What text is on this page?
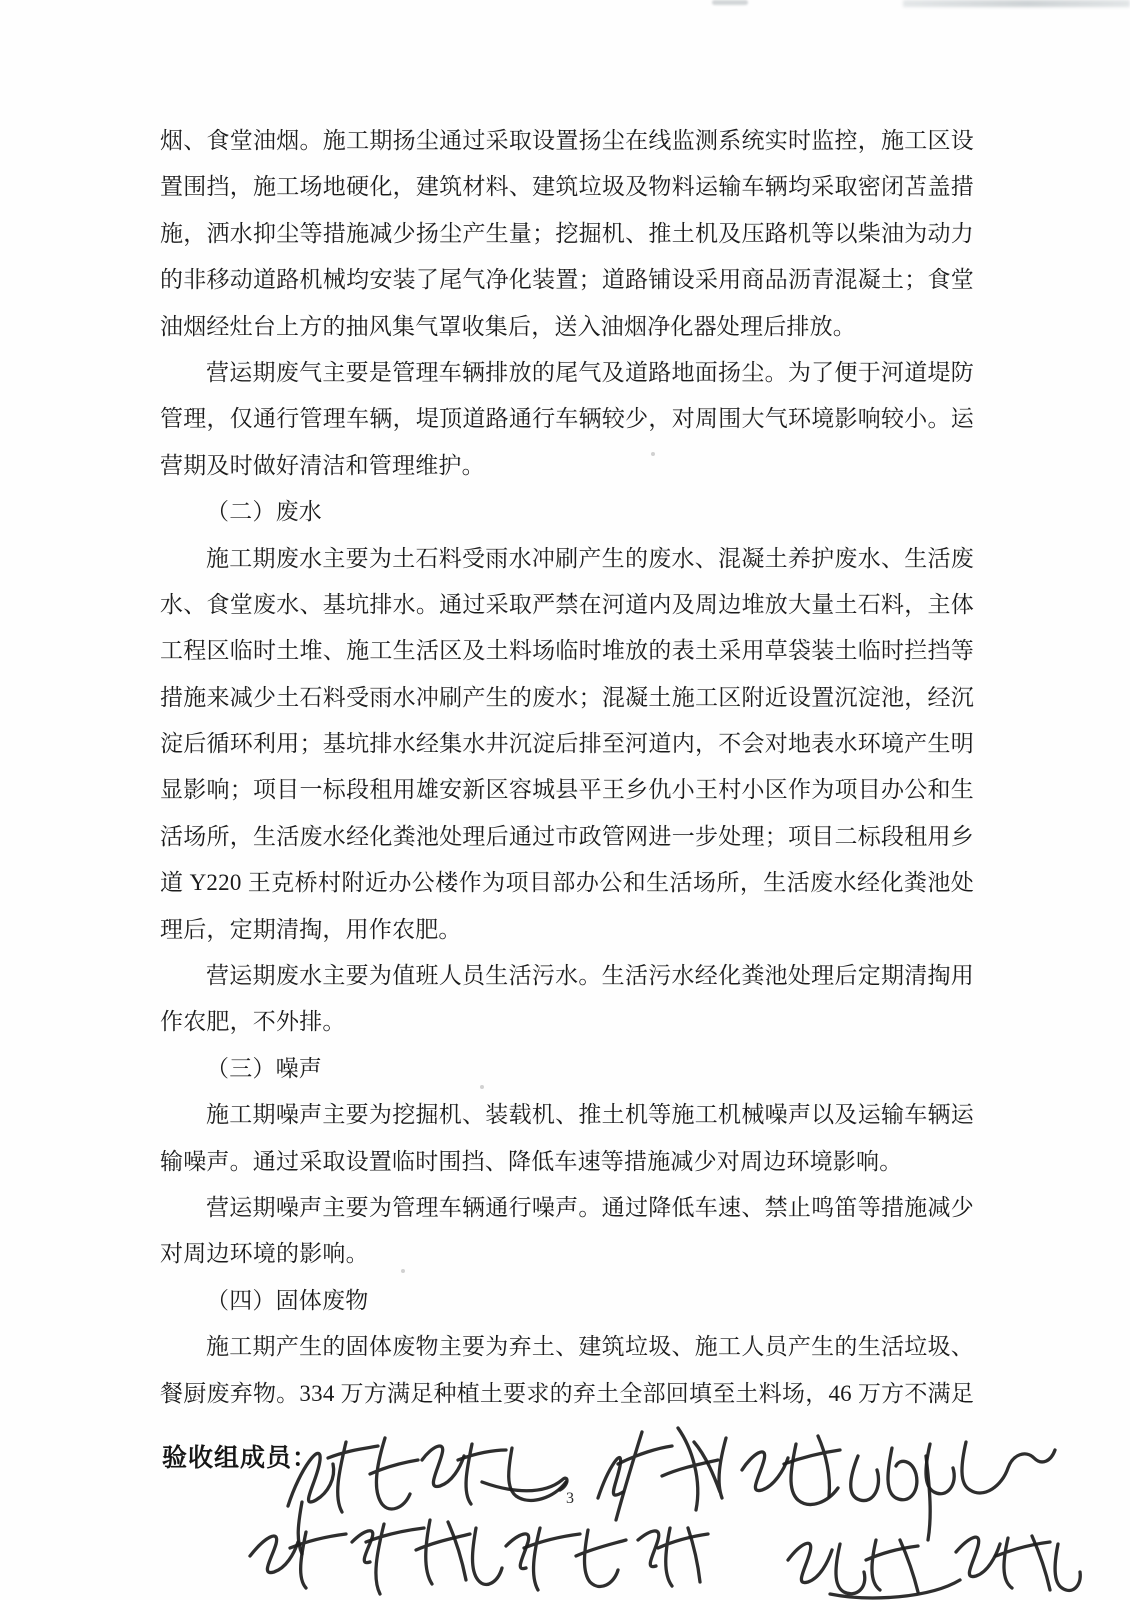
烟、食堂油烟。施工期扬尘通过采取设置扬尘在线监测系统实时监控，施工区设
置围挡，施工场地硬化，建筑材料、建筑垃圾及物料运输车辆均采取密闭苫盖措
施，洒水抑尘等措施减少扬尘产生量；挖掘机、推土机及压路机等以柴油为动力
的非移动道路机械均安装了尾气净化装置；道路铺设采用商品沥青混凝土；食堂
油烟经灶台上方的抽风集气罩收集后，送入油烟净化器处理后排放。
营运期废气主要是管理车辆排放的尾气及道路地面扬尘。为了便于河道堤防
管理，仅通行管理车辆，堤顶道路通行车辆较少，对周围大气环境影响较小。运
营期及时做好清洁和管理维护。
（二）废水
施工期废水主要为土石料受雨水冲刷产生的废水、混凝土养护废水、生活废
水、食堂废水、基坑排水。通过采取严禁在河道内及周边堆放大量土石料，主体
工程区临时土堆、施工生活区及土料场临时堆放的表土采用草袋装土临时拦挡等
措施来减少土石料受雨水冲刷产生的废水；混凝土施工区附近设置沉淀池，经沉
淀后循环利用；基坑排水经集水井沉淀后排至河道内，不会对地表水环境产生明
显影响；项目一标段租用雄安新区容城县平王乡仇小王村小区作为项目办公和生
活场所，生活废水经化粪池处理后通过市政管网进一步处理；项目二标段租用乡
道 Y220 王克桥村附近办公楼作为项目部办公和生活场所，生活废水经化粪池处
理后，定期清掏，用作农肥。
营运期废水主要为值班人员生活污水。生活污水经化粪池处理后定期清掏用
作农肥，不外排。
（三）噪声
施工期噪声主要为挖掘机、装载机、推土机等施工机械噪声以及运输车辆运
输噪声。通过采取设置临时围挡、降低车速等措施减少对周边环境影响。
营运期噪声主要为管理车辆通行噪声。通过降低车速、禁止鸣笛等措施减少
对周边环境的影响。
（四）固体废物
施工期产生的固体废物主要为弃土、建筑垃圾、施工人员产生的生活垃圾、
餐厨废弃物。334 万方满足种植土要求的弃土全部回填至土料场，46 万方不满足
验收组成员：
3
